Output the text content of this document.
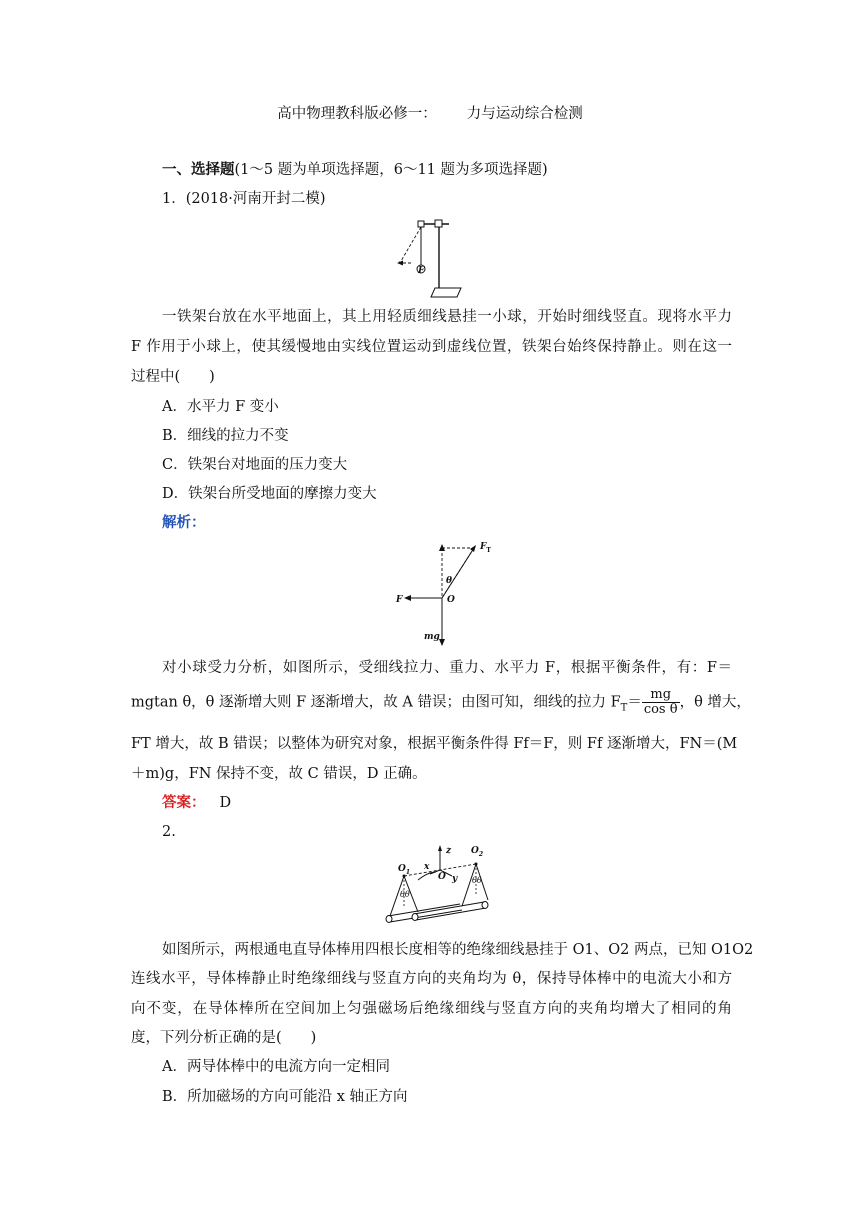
高中物理教科版必修一： 力与运动综合检测
一、选择题(1～5 题为单项选择题，6～11 题为多项选择题)
1．(2018·河南开封二模)
F
一铁架台放在水平地面上，其上用轻质细线悬挂一小球，开始时细线竖直。现将水平力
F 作用于小球上，使其缓慢地由实线位置运动到虚线位置，铁架台始终保持静止。则在这一
过程中(　　)
A．水平力 F 变小
B．细线的拉力不变
C．铁架台对地面的压力变大
D．铁架台所受地面的摩擦力变大
解析：
$F_T$
θ
F	O
mg
对小球受力分析，如图所示，受细线拉力、重力、水平力 F，根据平衡条件，有：F＝
mgtan θ，θ 逐渐增大则 F 逐渐增大，故 A 错误；由图可知，细线的拉力 $F_T= \frac{mg}{\text{cos θ}}$ ，θ 增大，
FT 增大，故 B 错误；以整体为研究对象，根据平衡条件得 Ff＝F，则 Ff 逐渐增大，FN＝(M
＋m)g，FN 保持不变，故 C 错误，D 正确。
答案： D
2.
z
x
y
O
$O_1$
$O_2$
θθ
θθ
如图所示，两根通电直导体棒用四根长度相等的绝缘细线悬挂于 O1、O2 两点，已知 O1O2
连线水平，导体棒静止时绝缘细线与竖直方向的夹角均为 θ，保持导体棒中的电流大小和方
向不变，在导体棒所在空间加上匀强磁场后绝缘细线与竖直方向的夹角均增大了相同的角
度，下列分析正确的是(　　)
A．两导体棒中的电流方向一定相同
B．所加磁场的方向可能沿 x 轴正方向
